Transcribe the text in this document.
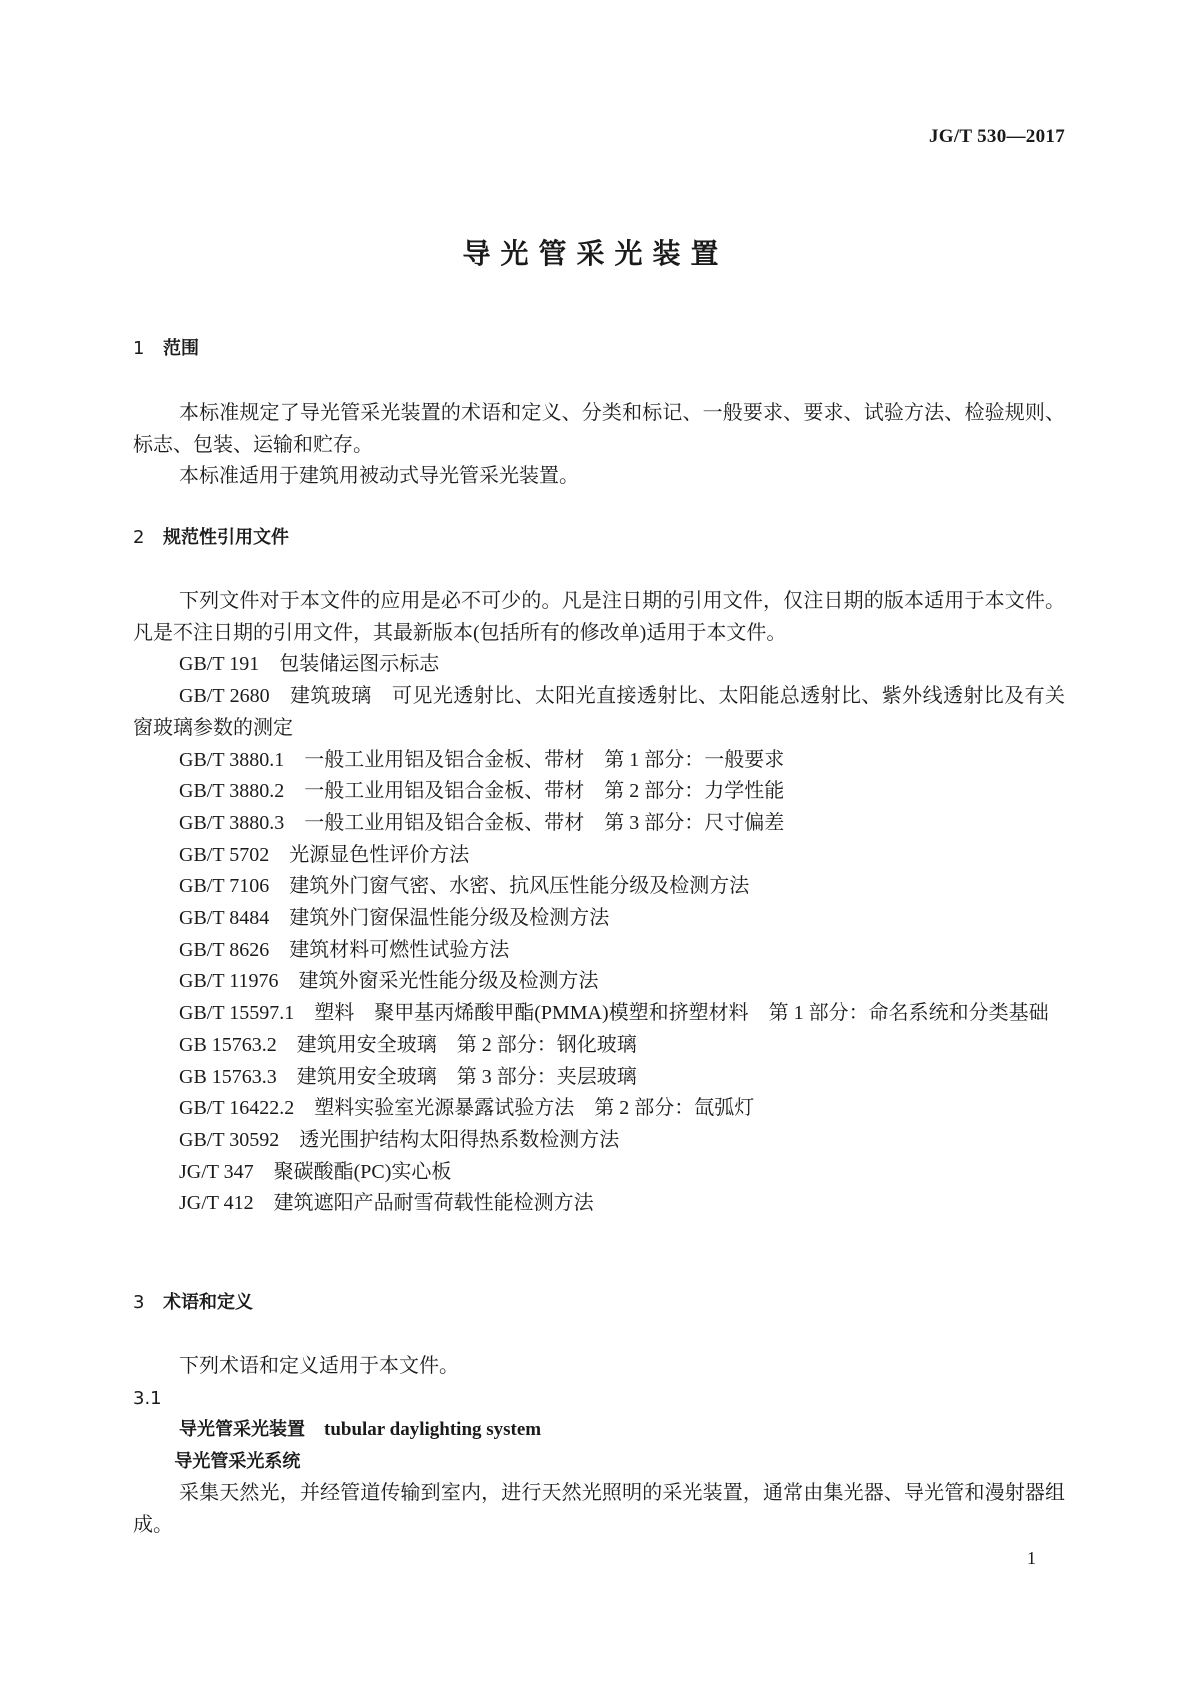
JG/T 530—2017
导光管采光装置
1 范围

本标准规定了导光管采光装置的术语和定义、分类和标记、一般要求、要求、试验方法、检验规则、标志、包装、运输和贮存。

本标准适用于建筑用被动式导光管采光装置。

2 规范性引用文件

下列文件对于本文件的应用是必不可少的。凡是注日期的引用文件，仅注日期的版本适用于本文件。凡是不注日期的引用文件，其最新版本(包括所有的修改单)适用于本文件。

GB/T 191 包装储运图示标志

GB/T 2680 建筑玻璃　可见光透射比、太阳光直接透射比、太阳能总透射比、紫外线透射比及有关窗玻璃参数的测定

GB/T 3880.1 一般工业用铝及铝合金板、带材　第 1 部分：一般要求

GB/T 3880.2 一般工业用铝及铝合金板、带材　第 2 部分：力学性能

GB/T 3880.3 一般工业用铝及铝合金板、带材　第 3 部分：尺寸偏差

GB/T 5702 光源显色性评价方法

GB/T 7106 建筑外门窗气密、水密、抗风压性能分级及检测方法

GB/T 8484 建筑外门窗保温性能分级及检测方法

GB/T 8626 建筑材料可燃性试验方法

GB/T 11976 建筑外窗采光性能分级及检测方法

GB/T 15597.1 塑料　聚甲基丙烯酸甲酯(PMMA)模塑和挤塑材料　第 1 部分：命名系统和分类基础

GB 15763.2 建筑用安全玻璃　第 2 部分：钢化玻璃

GB 15763.3 建筑用安全玻璃　第 3 部分：夹层玻璃

GB/T 16422.2 塑料实验室光源暴露试验方法　第 2 部分：氙弧灯

GB/T 30592 透光围护结构太阳得热系数检测方法

JG/T 347 聚碳酸酯(PC)实心板

JG/T 412 建筑遮阳产品耐雪荷载性能检测方法

3 术语和定义

下列术语和定义适用于本文件。

3.1

导光管采光装置 tubular daylighting system

导光管采光系统

采集天然光，并经管道传输到室内，进行天然光照明的采光装置，通常由集光器、导光管和漫射器组成。

1
